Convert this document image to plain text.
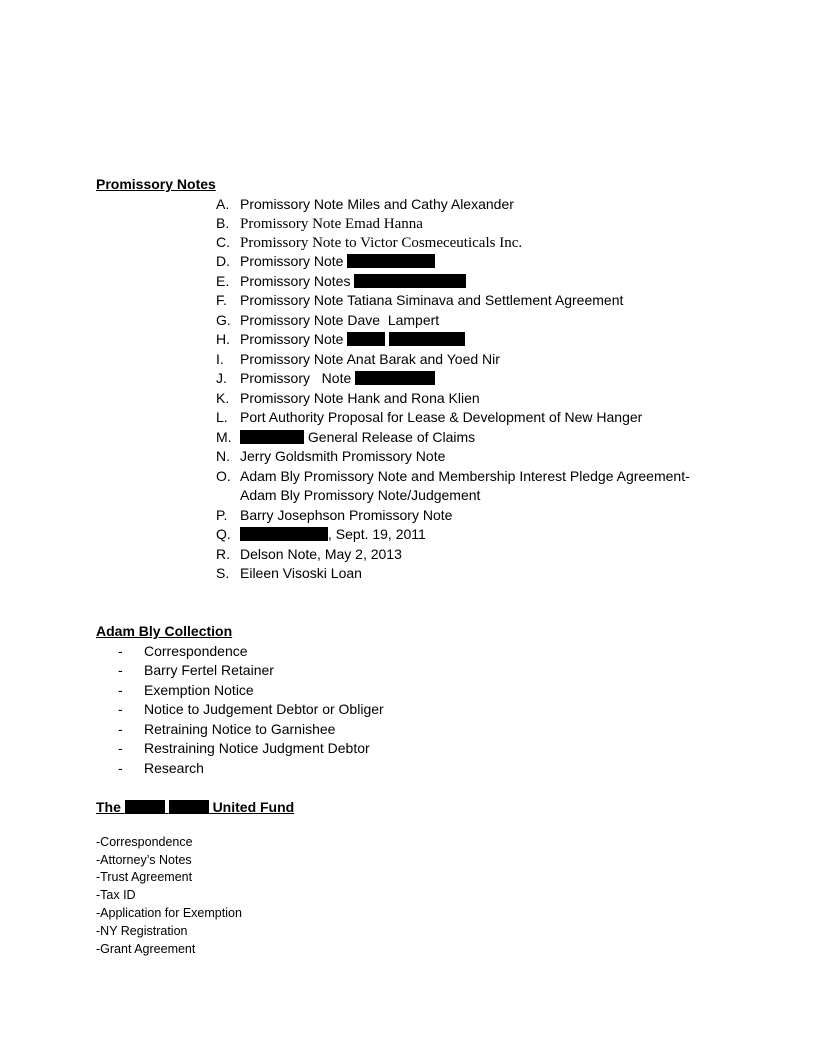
Promissory Notes
A. Promissory Note Miles and Cathy Alexander
B. Promissory Note Emad Hanna
C. Promissory Note to Victor Cosmeceuticals Inc.
D. Promissory Note
E. Promissory Notes
F. Promissory Note Tatiana Siminava and Settlement Agreement
G. Promissory Note Dave  Lampert
H. Promissory Note
I. Promissory Note Anat Barak and Yoed Nir
J. Promissory   Note
K. Promissory Note Hank and Rona Klien
L. Port Authority Proposal for Lease & Development of New Hanger
M.	General Release of Claims
N. Jerry Goldsmith Promissory Note
O. Adam Bly Promissory Note and Membership Interest Pledge Agreement-
Adam Bly Promissory Note/Judgement
P. Barry Josephson Promissory Note
Q.	, Sept. 19, 2011
R. Delson Note, May 2, 2013
S. Eileen Visoski Loan
Adam Bly Collection
- Correspondence
- Barry Fertel Retainer
- Exemption Notice
- Notice to Judgement Debtor or Obliger
- Retraining Notice to Garnishee
- Restraining Notice Judgment Debtor
- Research
The	United Fund
-Correspondence
-Attorney’s Notes
-Trust Agreement
-Tax ID
-Application for Exemption
-NY Registration
-Grant Agreement
